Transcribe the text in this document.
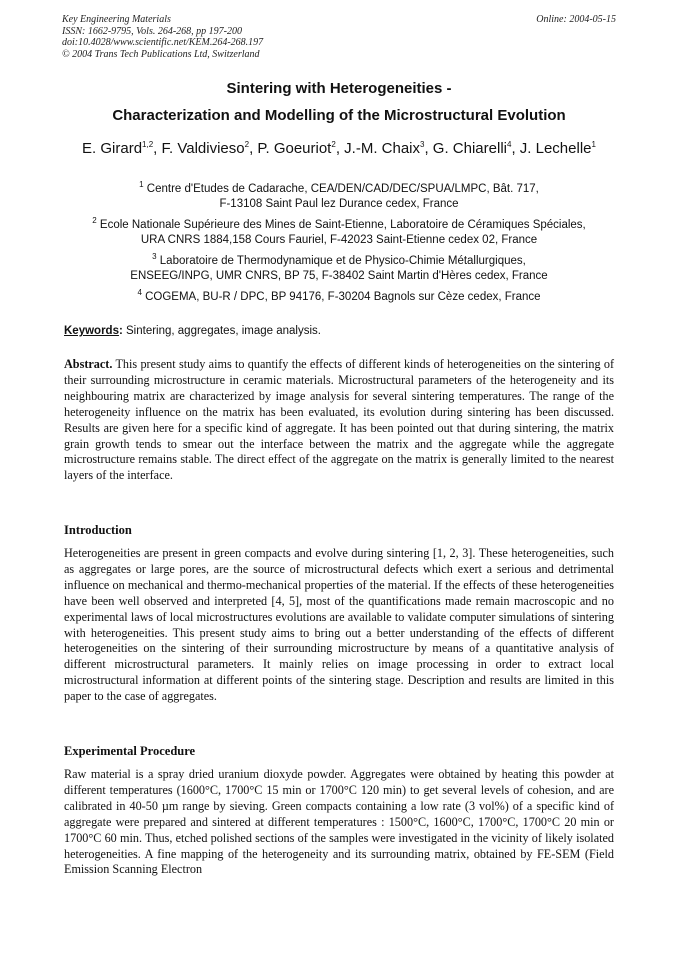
Key Engineering Materials
ISSN: 1662-9795, Vols. 264-268, pp 197-200
doi:10.4028/www.scientific.net/KEM.264-268.197
© 2004 Trans Tech Publications Ltd, Switzerland
Online: 2004-05-15
Sintering with Heterogeneities -
Characterization and Modelling of the Microstructural Evolution
E. Girard$^{1,2}$, F. Valdivieso$^2$, P. Goeuriot$^2$, J.-M. Chaix$^3$, G. Chiarelli$^4$, J. Lechelle$^1$
$^1$ Centre d'Etudes de Cadarache, CEA/DEN/CAD/DEC/SPUA/LMPC, Bât. 717,
F-13108 Saint Paul lez Durance cedex, France
$^2$ Ecole Nationale Supérieure des Mines de Saint-Etienne, Laboratoire de Céramiques Spéciales,
URA CNRS 1884,158 Cours Fauriel, F-42023 Saint-Etienne cedex 02, France
$^3$ Laboratoire de Thermodynamique et de Physico-Chimie Métallurgiques,
ENSEEG/INPG, UMR CNRS, BP 75, F-38402 Saint Martin d'Hères cedex, France
$^4$ COGEMA, BU-R / DPC, BP 94176, F-30204 Bagnols sur Cèze cedex, France
Keywords: Sintering, aggregates, image analysis.
Abstract. This present study aims to quantify the effects of different kinds of heterogeneities on the sintering of their surrounding microstructure in ceramic materials. Microstructural parameters of the heterogeneity and its neighbouring matrix are characterized by image analysis for several sintering temperatures. The range of the heterogeneity influence on the matrix has been evaluated, its evolution during sintering has been discussed. Results are given here for a specific kind of aggregate. It has been pointed out that during sintering, the matrix grain growth tends to smear out the interface between the matrix and the aggregate while the aggregate microstructure remains stable. The direct effect of the aggregate on the matrix is generally limited to the nearest layers of the interface.
Introduction
Heterogeneities are present in green compacts and evolve during sintering [1, 2, 3]. These heterogeneities, such as aggregates or large pores, are the source of microstructural defects which exert a serious and detrimental influence on mechanical and thermo-mechanical properties of the material. If the effects of these heterogeneities have been well observed and interpreted [4, 5], most of the quantifications made remain macroscopic and no experimental laws of local microstructures evolutions are available to validate computer simulations of sintering with heterogeneities. This present study aims to bring out a better understanding of the effects of different heterogeneities on the sintering of their surrounding microstructure by means of a quantitative analysis of different microstructural parameters. It mainly relies on image processing in order to extract local microstructural information at different points of the sintering stage. Description and results are limited in this paper to the case of aggregates.
Experimental Procedure
Raw material is a spray dried uranium dioxyde powder. Aggregates were obtained by heating this powder at different temperatures (1600°C, 1700°C 15 min or 1700°C 120 min) to get several levels of cohesion, and are calibrated in 40-50 µm range by sieving. Green compacts containing a low rate (3 vol%) of a specific kind of aggregate were prepared and sintered at different temperatures : 1500°C, 1600°C, 1700°C, 1700°C 20 min or 1700°C 60 min. Thus, etched polished sections of the samples were investigated in the vicinity of likely isolated heterogeneities. A fine mapping of the heterogeneity and its surrounding matrix, obtained by FE-SEM (Field Emission Scanning Electron
